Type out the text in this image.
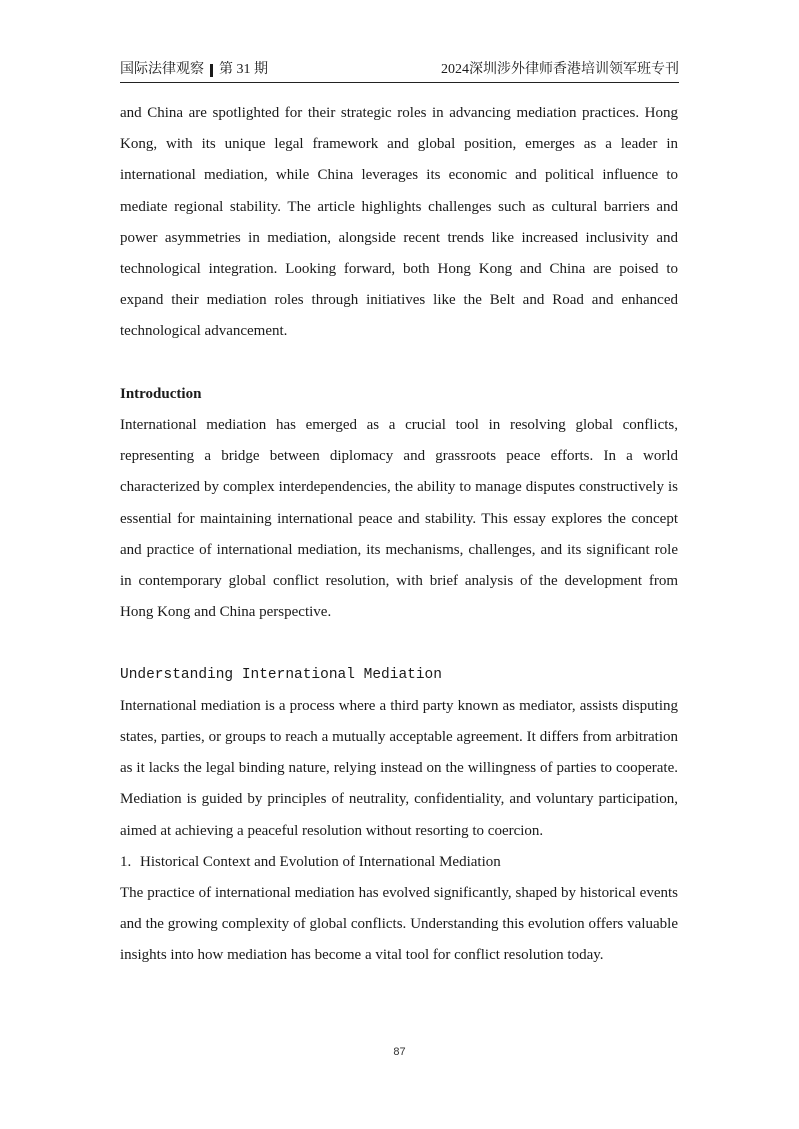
国际法律观察 第 31 期	2024深圳涉外律师香港培训领军班专刊

and China are spotlighted for their strategic roles in advancing mediation practices. Hong Kong, with its unique legal framework and global position, emerges as a leader in international mediation, while China leverages its economic and political influence to mediate regional stability. The article highlights challenges such as cultural barriers and power asymmetries in mediation, alongside recent trends like increased inclusivity and technological integration. Looking forward, both Hong Kong and China are poised to expand their mediation roles through initiatives like the Belt and Road and enhanced technological advancement.

Introduction

International mediation has emerged as a crucial tool in resolving global conflicts, representing a bridge between diplomacy and grassroots peace efforts. In a world characterized by complex interdependencies, the ability to manage disputes constructively is essential for maintaining international peace and stability. This essay explores the concept and practice of international mediation, its mechanisms, challenges, and its significant role in contemporary global conflict resolution, with brief analysis of the development from Hong Kong and China perspective.

Understanding International Mediation

International mediation is a process where a third party known as mediator, assists disputing states, parties, or groups to reach a mutually acceptable agreement. It differs from arbitration as it lacks the legal binding nature, relying instead on the willingness of parties to cooperate. Mediation is guided by principles of neutrality, confidentiality, and voluntary participation, aimed at achieving a peaceful resolution without resorting to coercion.

1. Historical Context and Evolution of International Mediation

The practice of international mediation has evolved significantly, shaped by historical events and the growing complexity of global conflicts. Understanding this evolution offers valuable insights into how mediation has become a vital tool for conflict resolution today.

87
